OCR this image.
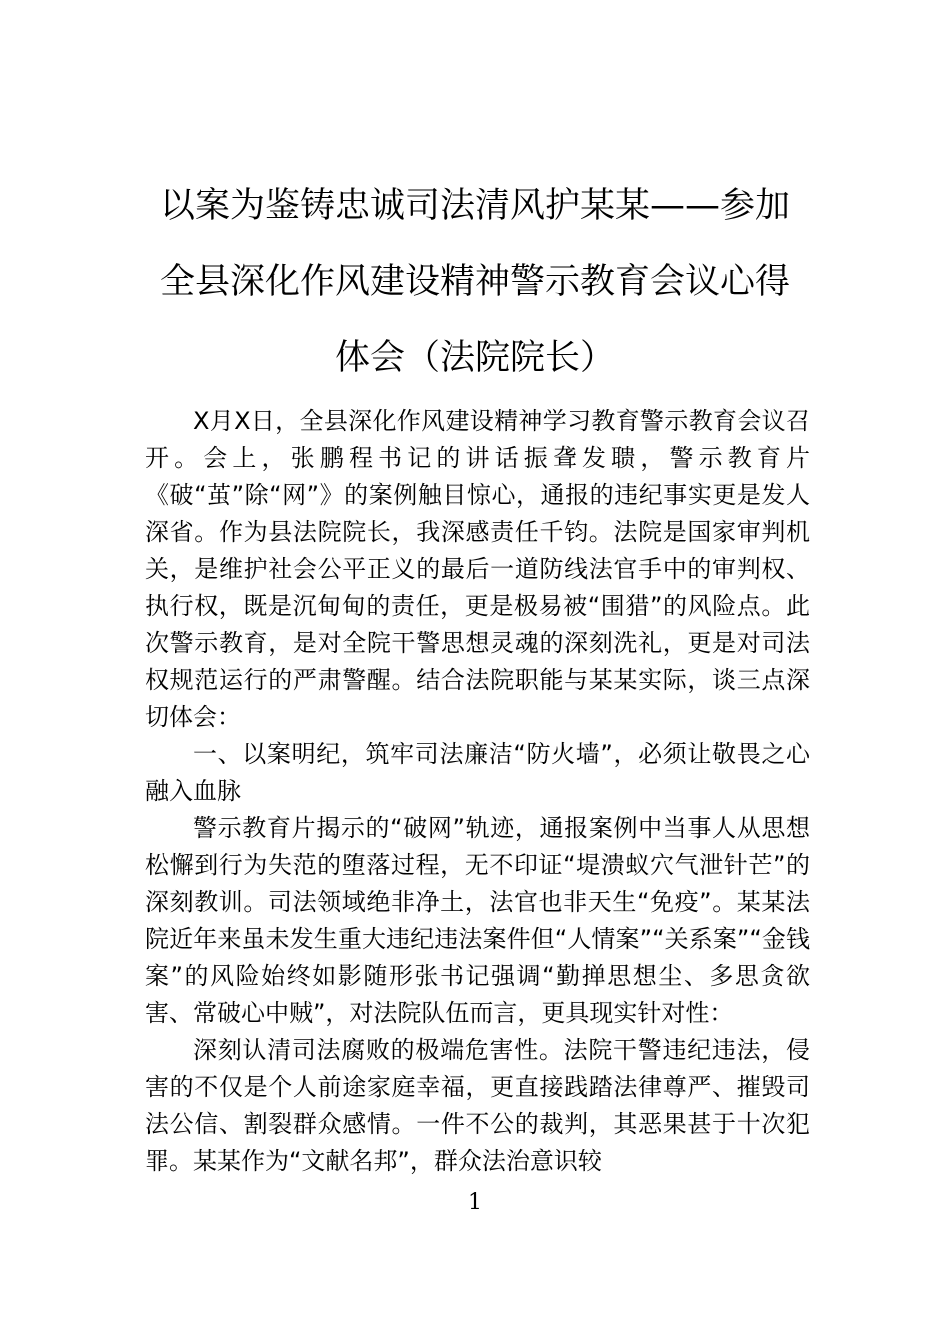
以案为鉴铸忠诚司法清风护某某——参加
全县深化作风建设精神警示教育会议心得
体会（法院院长）

X月X日，全县深化作风建设精神学习教育警示教育会议召开。会上，张鹏程书记的讲话振聋发聩，警示教育片《破“茧”除“网”》的案例触目惊心，通报的违纪事实更是发人深省。作为县法院院长，我深感责任千钧。法院是国家审判机关，是维护社会公平正义的最后一道防线法官手中的审判权、执行权，既是沉甸甸的责任，更是极易被“围猎”的风险点。此次警示教育，是对全院干警思想灵魂的深刻洗礼，更是对司法权规范运行的严肃警醒。结合法院职能与某某实际，谈三点深切体会：

一、以案明纪，筑牢司法廉洁“防火墙”，必须让敬畏之心融入血脉

警示教育片揭示的“破网”轨迹，通报案例中当事人从思想松懈到行为失范的堕落过程，无不印证“堤溃蚁穴气泄针芒”的深刻教训。司法领域绝非净土，法官也非天生“免疫”。某某法院近年来虽未发生重大违纪违法案件但“人情案”“关系案”“金钱案”的风险始终如影随形张书记强调“勤掸思想尘、多思贪欲害、常破心中贼”，对法院队伍而言，更具现实针对性：

深刻认清司法腐败的极端危害性。法院干警违纪违法，侵害的不仅是个人前途家庭幸福，更直接践踏法律尊严、摧毁司法公信、割裂群众感情。一件不公的裁判，其恶果甚于十次犯罪。某某作为“文献名邦”，群众法治意识较

1
